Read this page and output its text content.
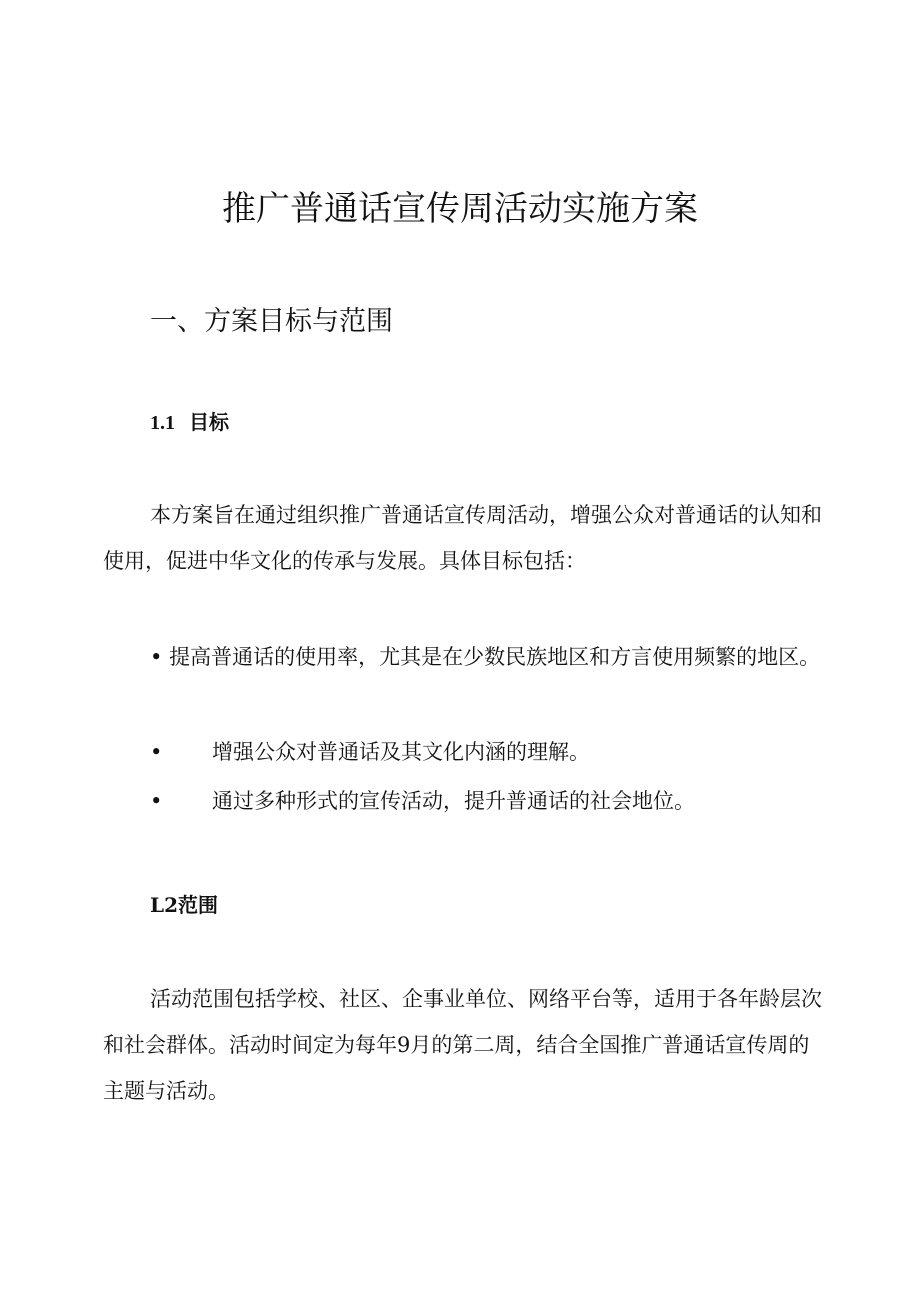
推广普通话宣传周活动实施方案
一、方案目标与范围
1.1 目标

本方案旨在通过组织推广普通话宣传周活动，增强公众对普通话的认知和使用，促进中华文化的传承与发展。具体目标包括：

• 提高普通话的使用率，尤其是在少数民族地区和方言使用频繁的地区。

• 增强公众对普通话及其文化内涵的理解。

• 通过多种形式的宣传活动，提升普通话的社会地位。

L2范围

活动范围包括学校、社区、企事业单位、网络平台等，适用于各年龄层次和社会群体。活动时间定为每年9月的第二周，结合全国推广普通话宣传周的主题与活动。
